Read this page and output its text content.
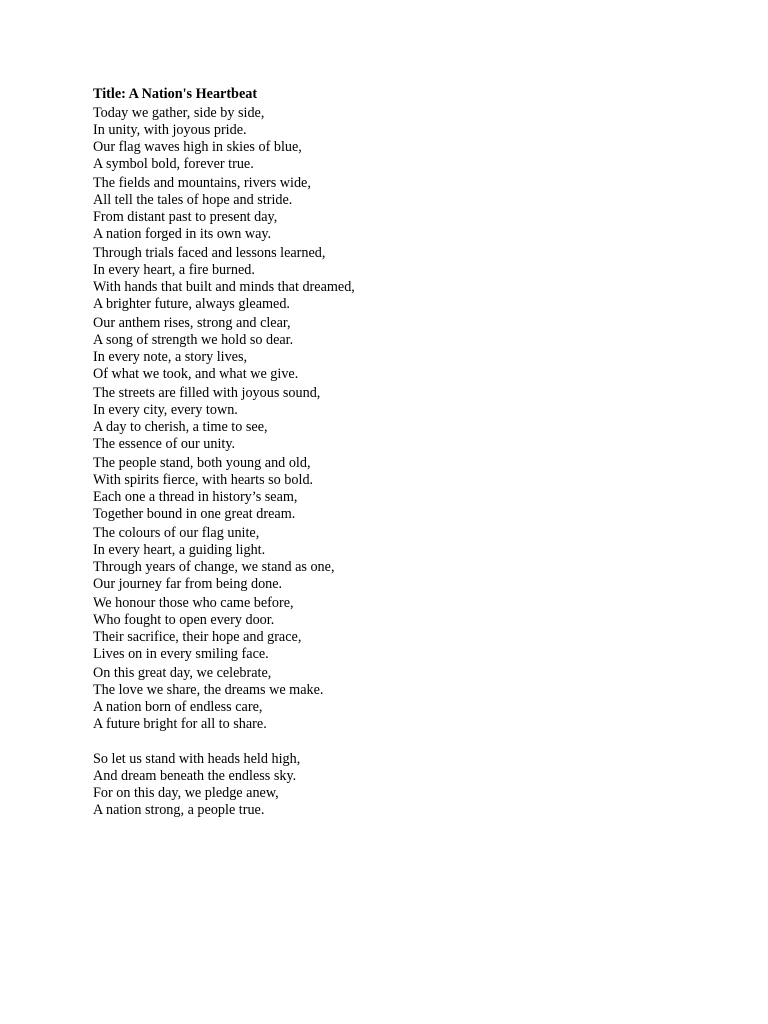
Title: A Nation's Heartbeat
Today we gather, side by side,
In unity, with joyous pride.
Our flag waves high in skies of blue,
A symbol bold, forever true.
The fields and mountains, rivers wide,
All tell the tales of hope and stride.
From distant past to present day,
A nation forged in its own way.
Through trials faced and lessons learned,
In every heart, a fire burned.
With hands that built and minds that dreamed,
A brighter future, always gleamed.
Our anthem rises, strong and clear,
A song of strength we hold so dear.
In every note, a story lives,
Of what we took, and what we give.
The streets are filled with joyous sound,
In every city, every town.
A day to cherish, a time to see,
The essence of our unity.
The people stand, both young and old,
With spirits fierce, with hearts so bold.
Each one a thread in history’s seam,
Together bound in one great dream.
The colours of our flag unite,
In every heart, a guiding light.
Through years of change, we stand as one,
Our journey far from being done.
We honour those who came before,
Who fought to open every door.
Their sacrifice, their hope and grace,
Lives on in every smiling face.
On this great day, we celebrate,
The love we share, the dreams we make.
A nation born of endless care,
A future bright for all to share.
So let us stand with heads held high,
And dream beneath the endless sky.
For on this day, we pledge anew,
A nation strong, a people true.
